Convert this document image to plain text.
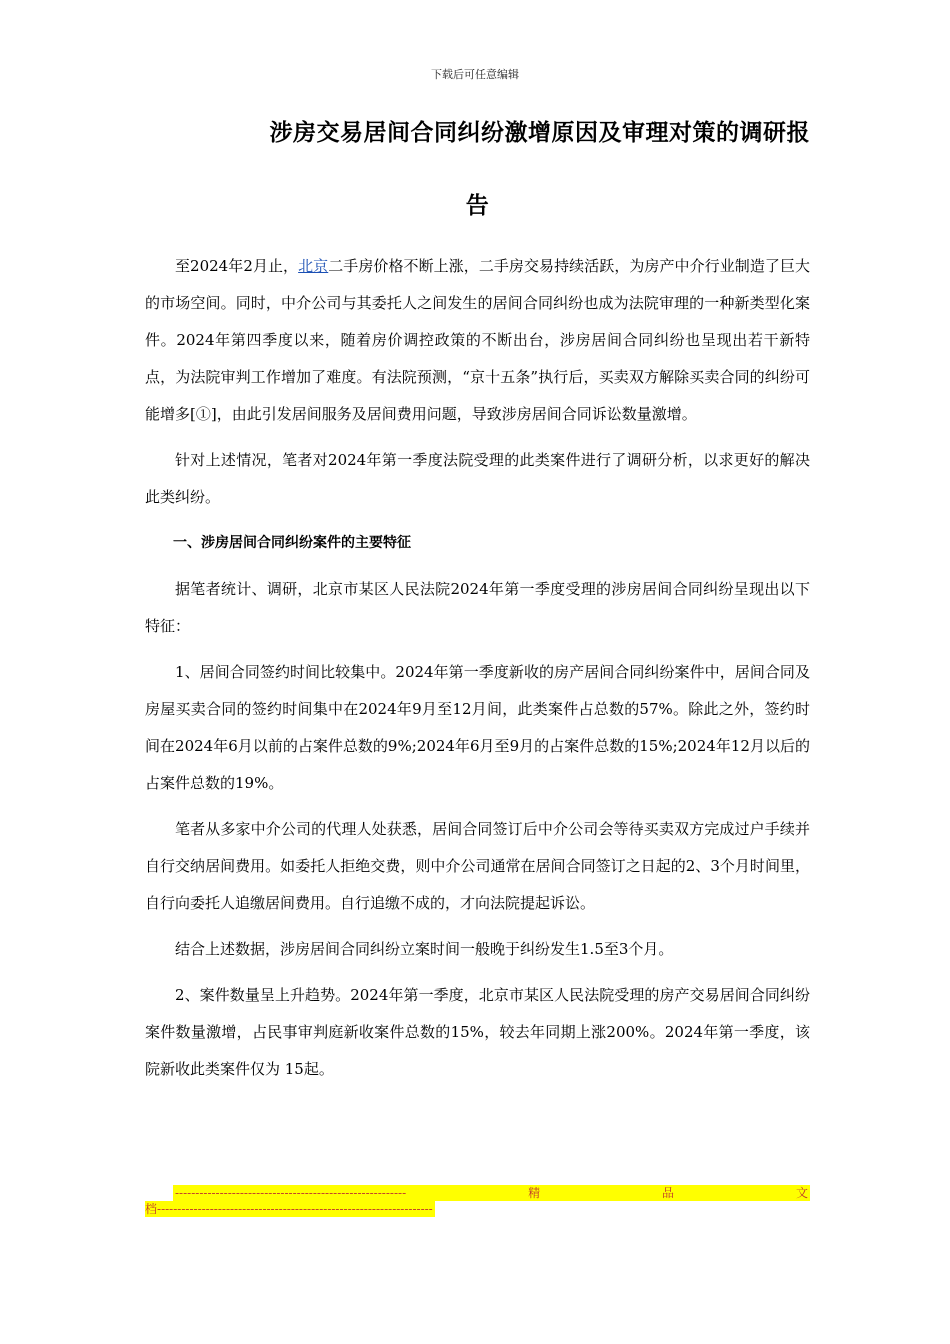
下载后可任意编辑
涉房交易居间合同纠纷激增原因及审理对策的调研报
告

至2024年2月止，北京二手房价格不断上涨，二手房交易持续活跃，为房产中介行业制造了巨大的市场空间。同时，中介公司与其委托人之间发生的居间合同纠纷也成为法院审理的一种新类型化案件。2024年第四季度以来，随着房价调控政策的不断出台，涉房居间合同纠纷也呈现出若干新特点，为法院审判工作增加了难度。有法院预测，“京十五条”执行后，买卖双方解除买卖合同的纠纷可能增多[①]，由此引发居间服务及居间费用问题，导致涉房居间合同诉讼数量激增。

针对上述情况，笔者对2024年第一季度法院受理的此类案件进行了调研分析，以求更好的解决此类纠纷。

一、涉房居间合同纠纷案件的主要特征

据笔者统计、调研，北京市某区人民法院2024年第一季度受理的涉房居间合同纠纷呈现出以下特征：

1、居间合同签约时间比较集中。2024年第一季度新收的房产居间合同纠纷案件中，居间合同及房屋买卖合同的签约时间集中在2024年9月至12月间，此类案件占总数的57%。除此之外，签约时间在2024年6月以前的占案件总数的9%;2024年6月至9月的占案件总数的15%;2024年12月以后的占案件总数的19%。

笔者从多家中介公司的代理人处获悉，居间合同签订后中介公司会等待买卖双方完成过户手续并自行交纳居间费用。如委托人拒绝交费，则中介公司通常在居间合同签订之日起的2、3个月时间里，自行向委托人追缴居间费用。自行追缴不成的，才向法院提起诉讼。

结合上述数据，涉房居间合同纠纷立案时间一般晚于纠纷发生1.5至3个月。

2、案件数量呈上升趋势。2024年第一季度，北京市某区人民法院受理的房产交易居间合同纠纷案件数量激增，占民事审判庭新收案件总数的15%，较去年同期上涨200%。2024年第一季度，该院新收此类案件仅为 15起。

---------------------------------------------------------	精	品	文
档--------------------------------------------------------------------
